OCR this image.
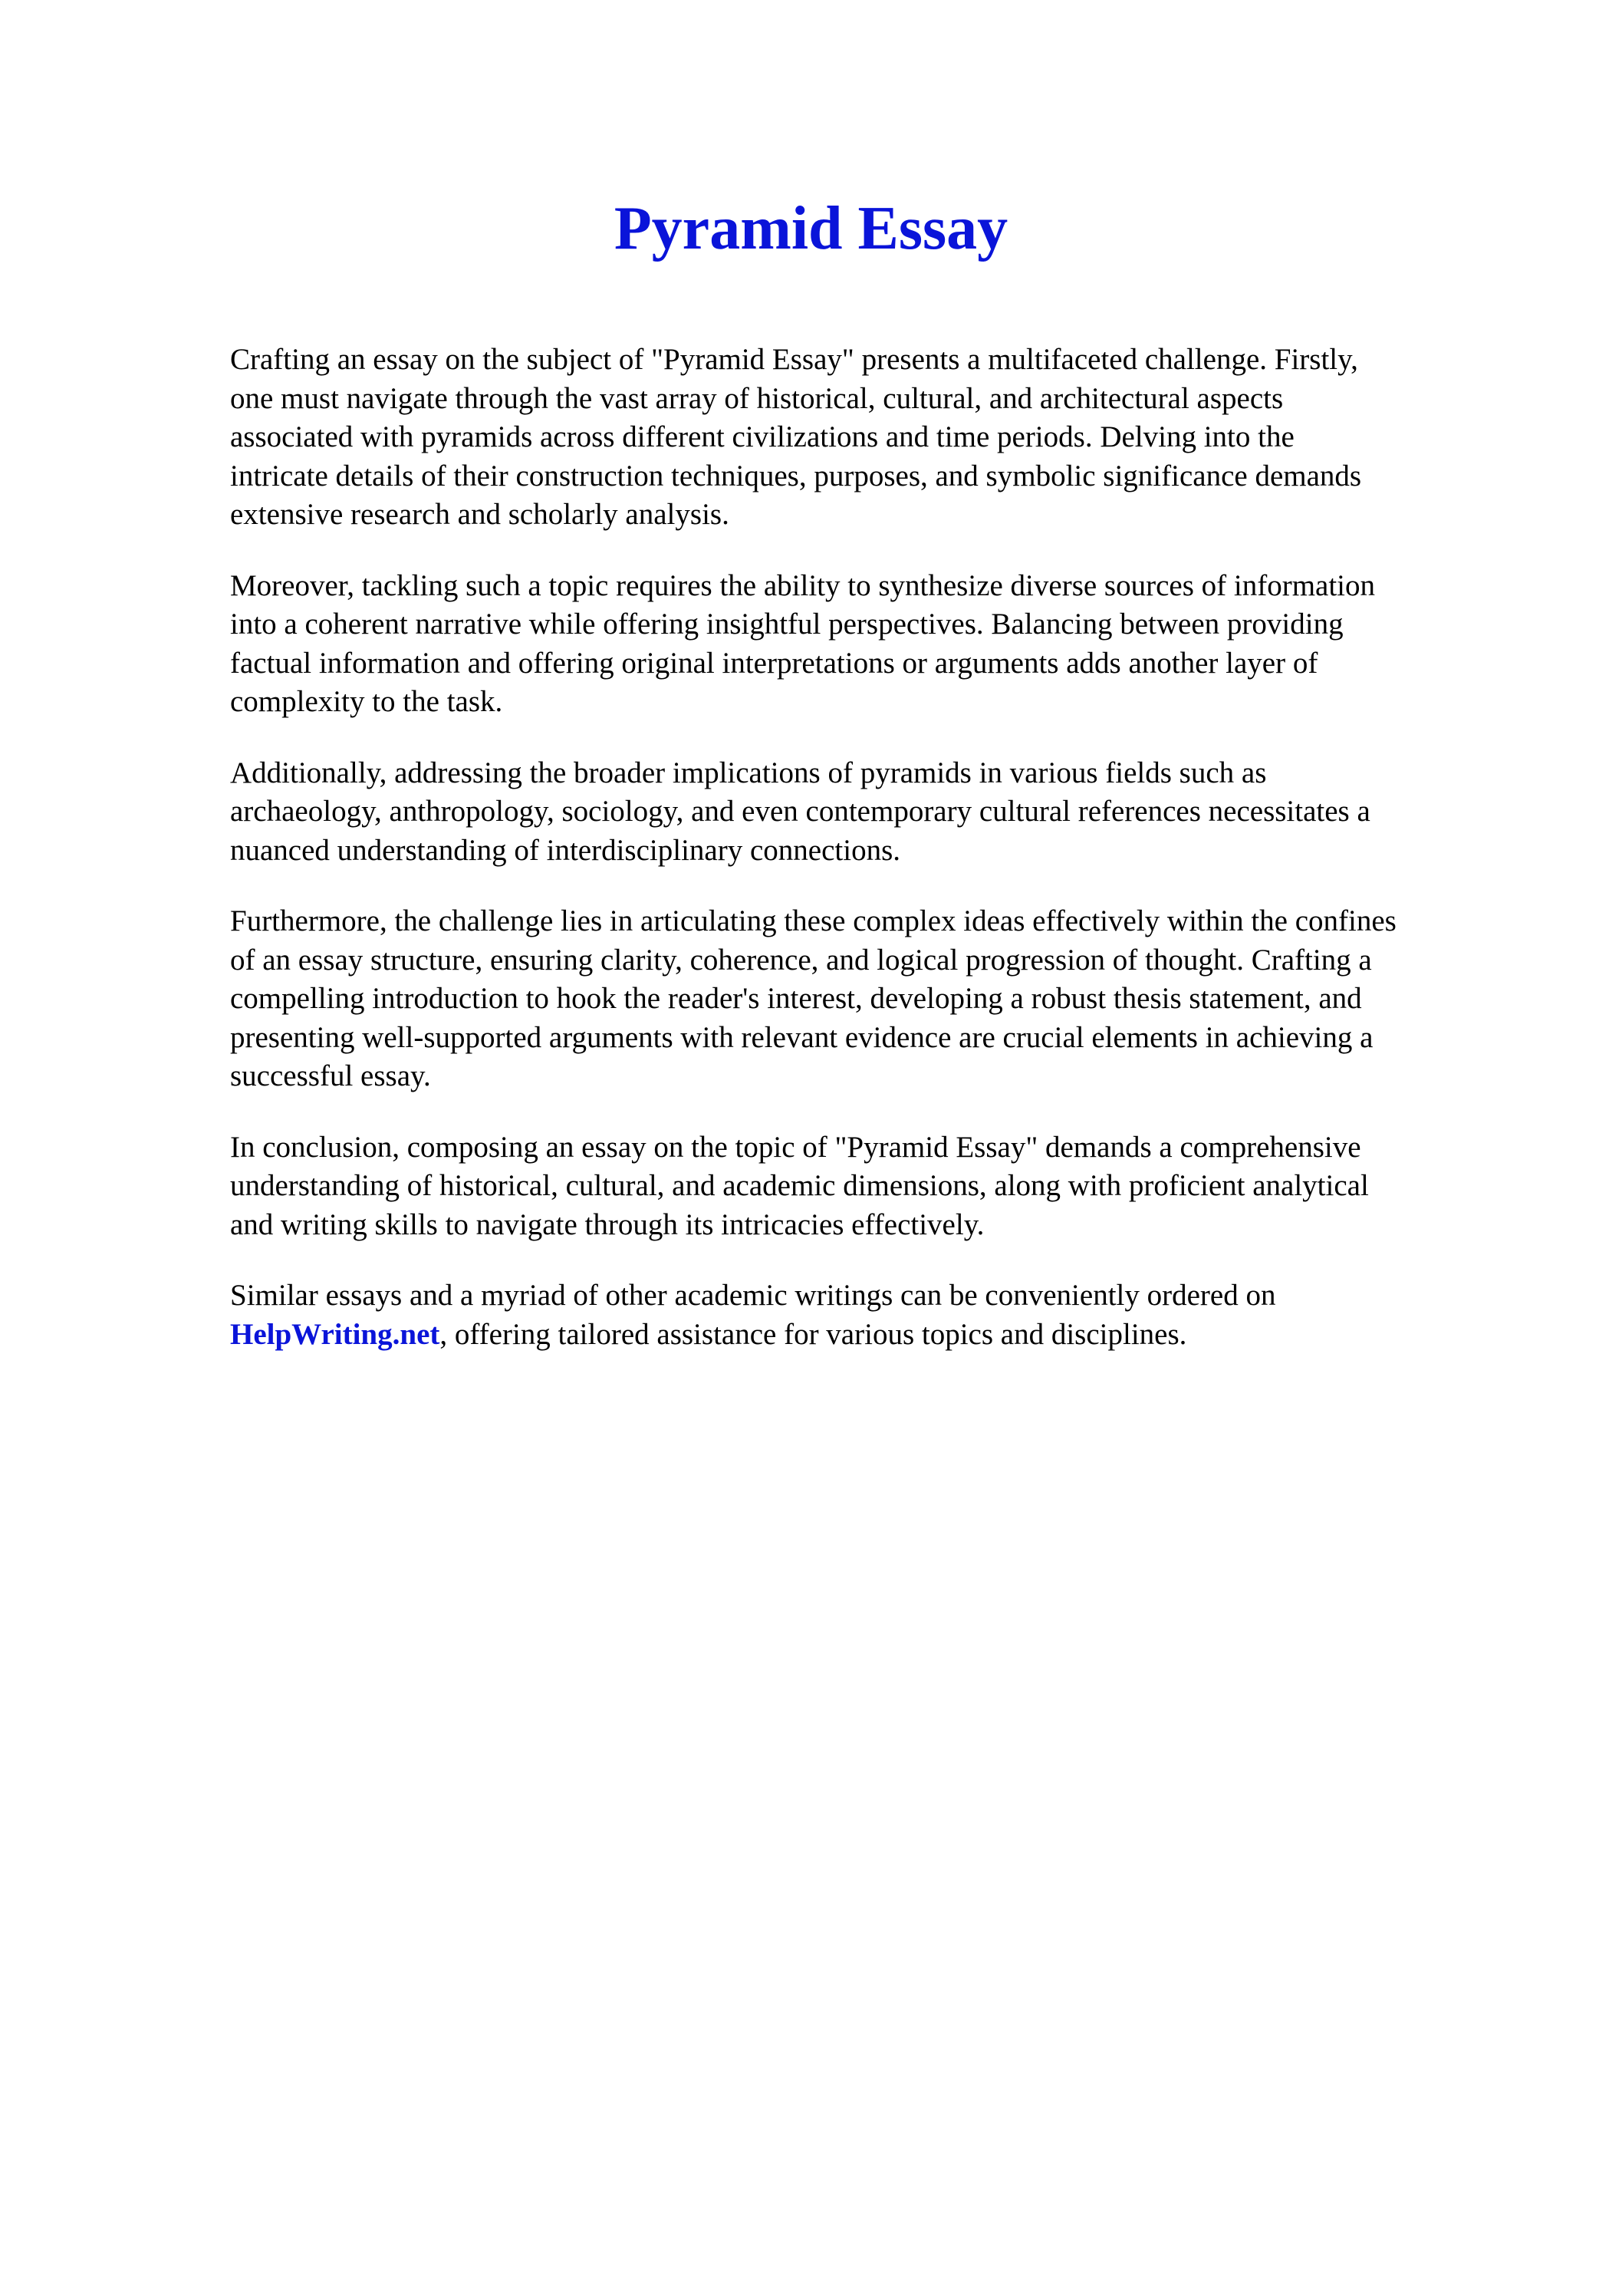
Pyramid Essay

Crafting an essay on the subject of "Pyramid Essay" presents a multifaceted challenge. Firstly,
one must navigate through the vast array of historical, cultural, and architectural aspects
associated with pyramids across different civilizations and time periods. Delving into the
intricate details of their construction techniques, purposes, and symbolic significance demands
extensive research and scholarly analysis.

Moreover, tackling such a topic requires the ability to synthesize diverse sources of information
into a coherent narrative while offering insightful perspectives. Balancing between providing
factual information and offering original interpretations or arguments adds another layer of
complexity to the task.

Additionally, addressing the broader implications of pyramids in various fields such as
archaeology, anthropology, sociology, and even contemporary cultural references necessitates a
nuanced understanding of interdisciplinary connections.

Furthermore, the challenge lies in articulating these complex ideas effectively within the confines
of an essay structure, ensuring clarity, coherence, and logical progression of thought. Crafting a
compelling introduction to hook the reader's interest, developing a robust thesis statement, and
presenting well-supported arguments with relevant evidence are crucial elements in achieving a
successful essay.

In conclusion, composing an essay on the topic of "Pyramid Essay" demands a comprehensive
understanding of historical, cultural, and academic dimensions, along with proficient analytical
and writing skills to navigate through its intricacies effectively.

Similar essays and a myriad of other academic writings can be conveniently ordered on
HelpWriting.net, offering tailored assistance for various topics and disciplines.
